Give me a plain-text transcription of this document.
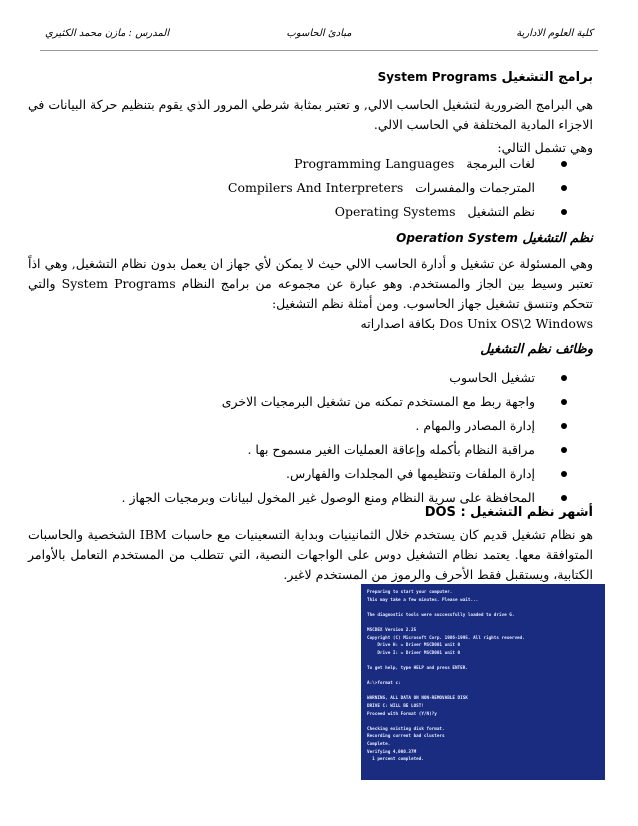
كلية العلوم الادارية
مبادئ الحاسوب
المدرس : مازن محمد الكثيري
برامج التشغيل System Programs
هي البرامج الضرورية لتشغيل الحاسب الالي, و تعتبر بمثابة شرطي المرور الذي يقوم بتنظيم حركة البيانات في الاجزاء المادية المختلفة في الحاسب الالي.
وهي تشمل التالي:
لغات البرمجة   Programming Languages
المترجمات والمفسرات   Compilers And Interpreters
نظم التشغيل   Operating Systems
نظم التشغيل Operation System
وهي المسئولة عن تشغيل و أدارة الحاسب الالي حيث لا يمكن لأي جهاز ان يعمل بدون نظام التشغيل, وهي اذاً تعتبر وسيط بين الجاز والمستخدم. وهو عبارة عن مجموعه من برامج النظام System Programs والتي تتحكم وتنسق تشغيل جهاز الحاسوب. ومن أمثلة نظم التشغيل:
Dos Unix OS\2 Windows بكافة اصداراته
وظائف نظم التشغيل
تشغيل الحاسوب
واجهة ربط مع المستخدم تمكنه من تشغيل البرمجيات الاخرى
إدارة المصادر والمهام .
مراقبة النظام بأكمله وإعاقة العمليات الغير مسموح بها .
إدارة الملفات وتنظيمها في المجلدات والفهارس.
المحافظة على سرية النظام ومنع الوصول غير المخول لبيانات وبرمجيات الجهاز .
أشهر نظم التشغيل : DOS
هو نظام تشغيل قديم كان يستخدم خلال الثمانينيات وبداية التسعينيات مع حاسبات IBM الشخصية والحاسبات المتوافقة معها. يعتمد نظام التشغيل دوس على الواجهات النصية، التي تتطلب من المستخدم التعامل بالأوامر الكتابية، ويستقبل فقط الأحرف والرموز من المستخدم لاغير.
Preparing to start your computer.
This may take a few minutes. Please wait...
The diagnostic tools were successfully loaded to drive G.
MSCDEX Version 2.25
Copyright (C) Microsoft Corp. 1986-1995. All rights reserved.
Drive H: = Driver MSCD001 unit 0
Drive I: = Driver MSCD001 unit 0
To get help, type HELP and press ENTER.
A:\>format c:
WARNING, ALL DATA ON NON-REMOVABLE DISK
DRIVE C: WILL BE LOST!
Proceed with Format (Y/N)?y
Checking existing disk format.
Recording current bad clusters
Complete.
Verifying 4,000.37M
1 percent completed.
